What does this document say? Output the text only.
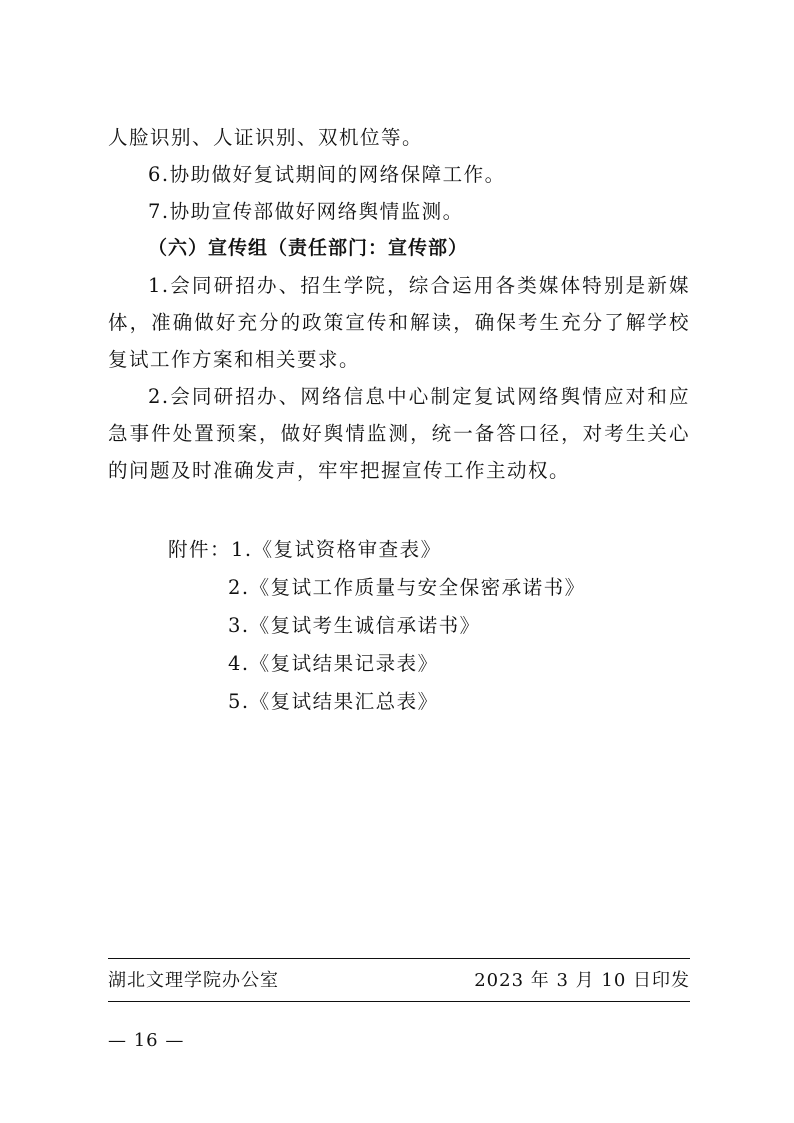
人脸识别、人证识别、双机位等。

6.协助做好复试期间的网络保障工作。

7.协助宣传部做好网络舆情监测。

（六）宣传组（责任部门：宣传部）

1.会同研招办、招生学院，综合运用各类媒体特别是新媒体，准确做好充分的政策宣传和解读，确保考生充分了解学校复试工作方案和相关要求。

2.会同研招办、网络信息中心制定复试网络舆情应对和应急事件处置预案，做好舆情监测，统一备答口径，对考生关心的问题及时准确发声，牢牢把握宣传工作主动权。

附件：1.《复试资格审查表》
2.《复试工作质量与安全保密承诺书》
3.《复试考生诚信承诺书》
4.《复试结果记录表》
5.《复试结果汇总表》
湖北文理学院办公室	2023 年 3 月 10 日印发
— 16 —
